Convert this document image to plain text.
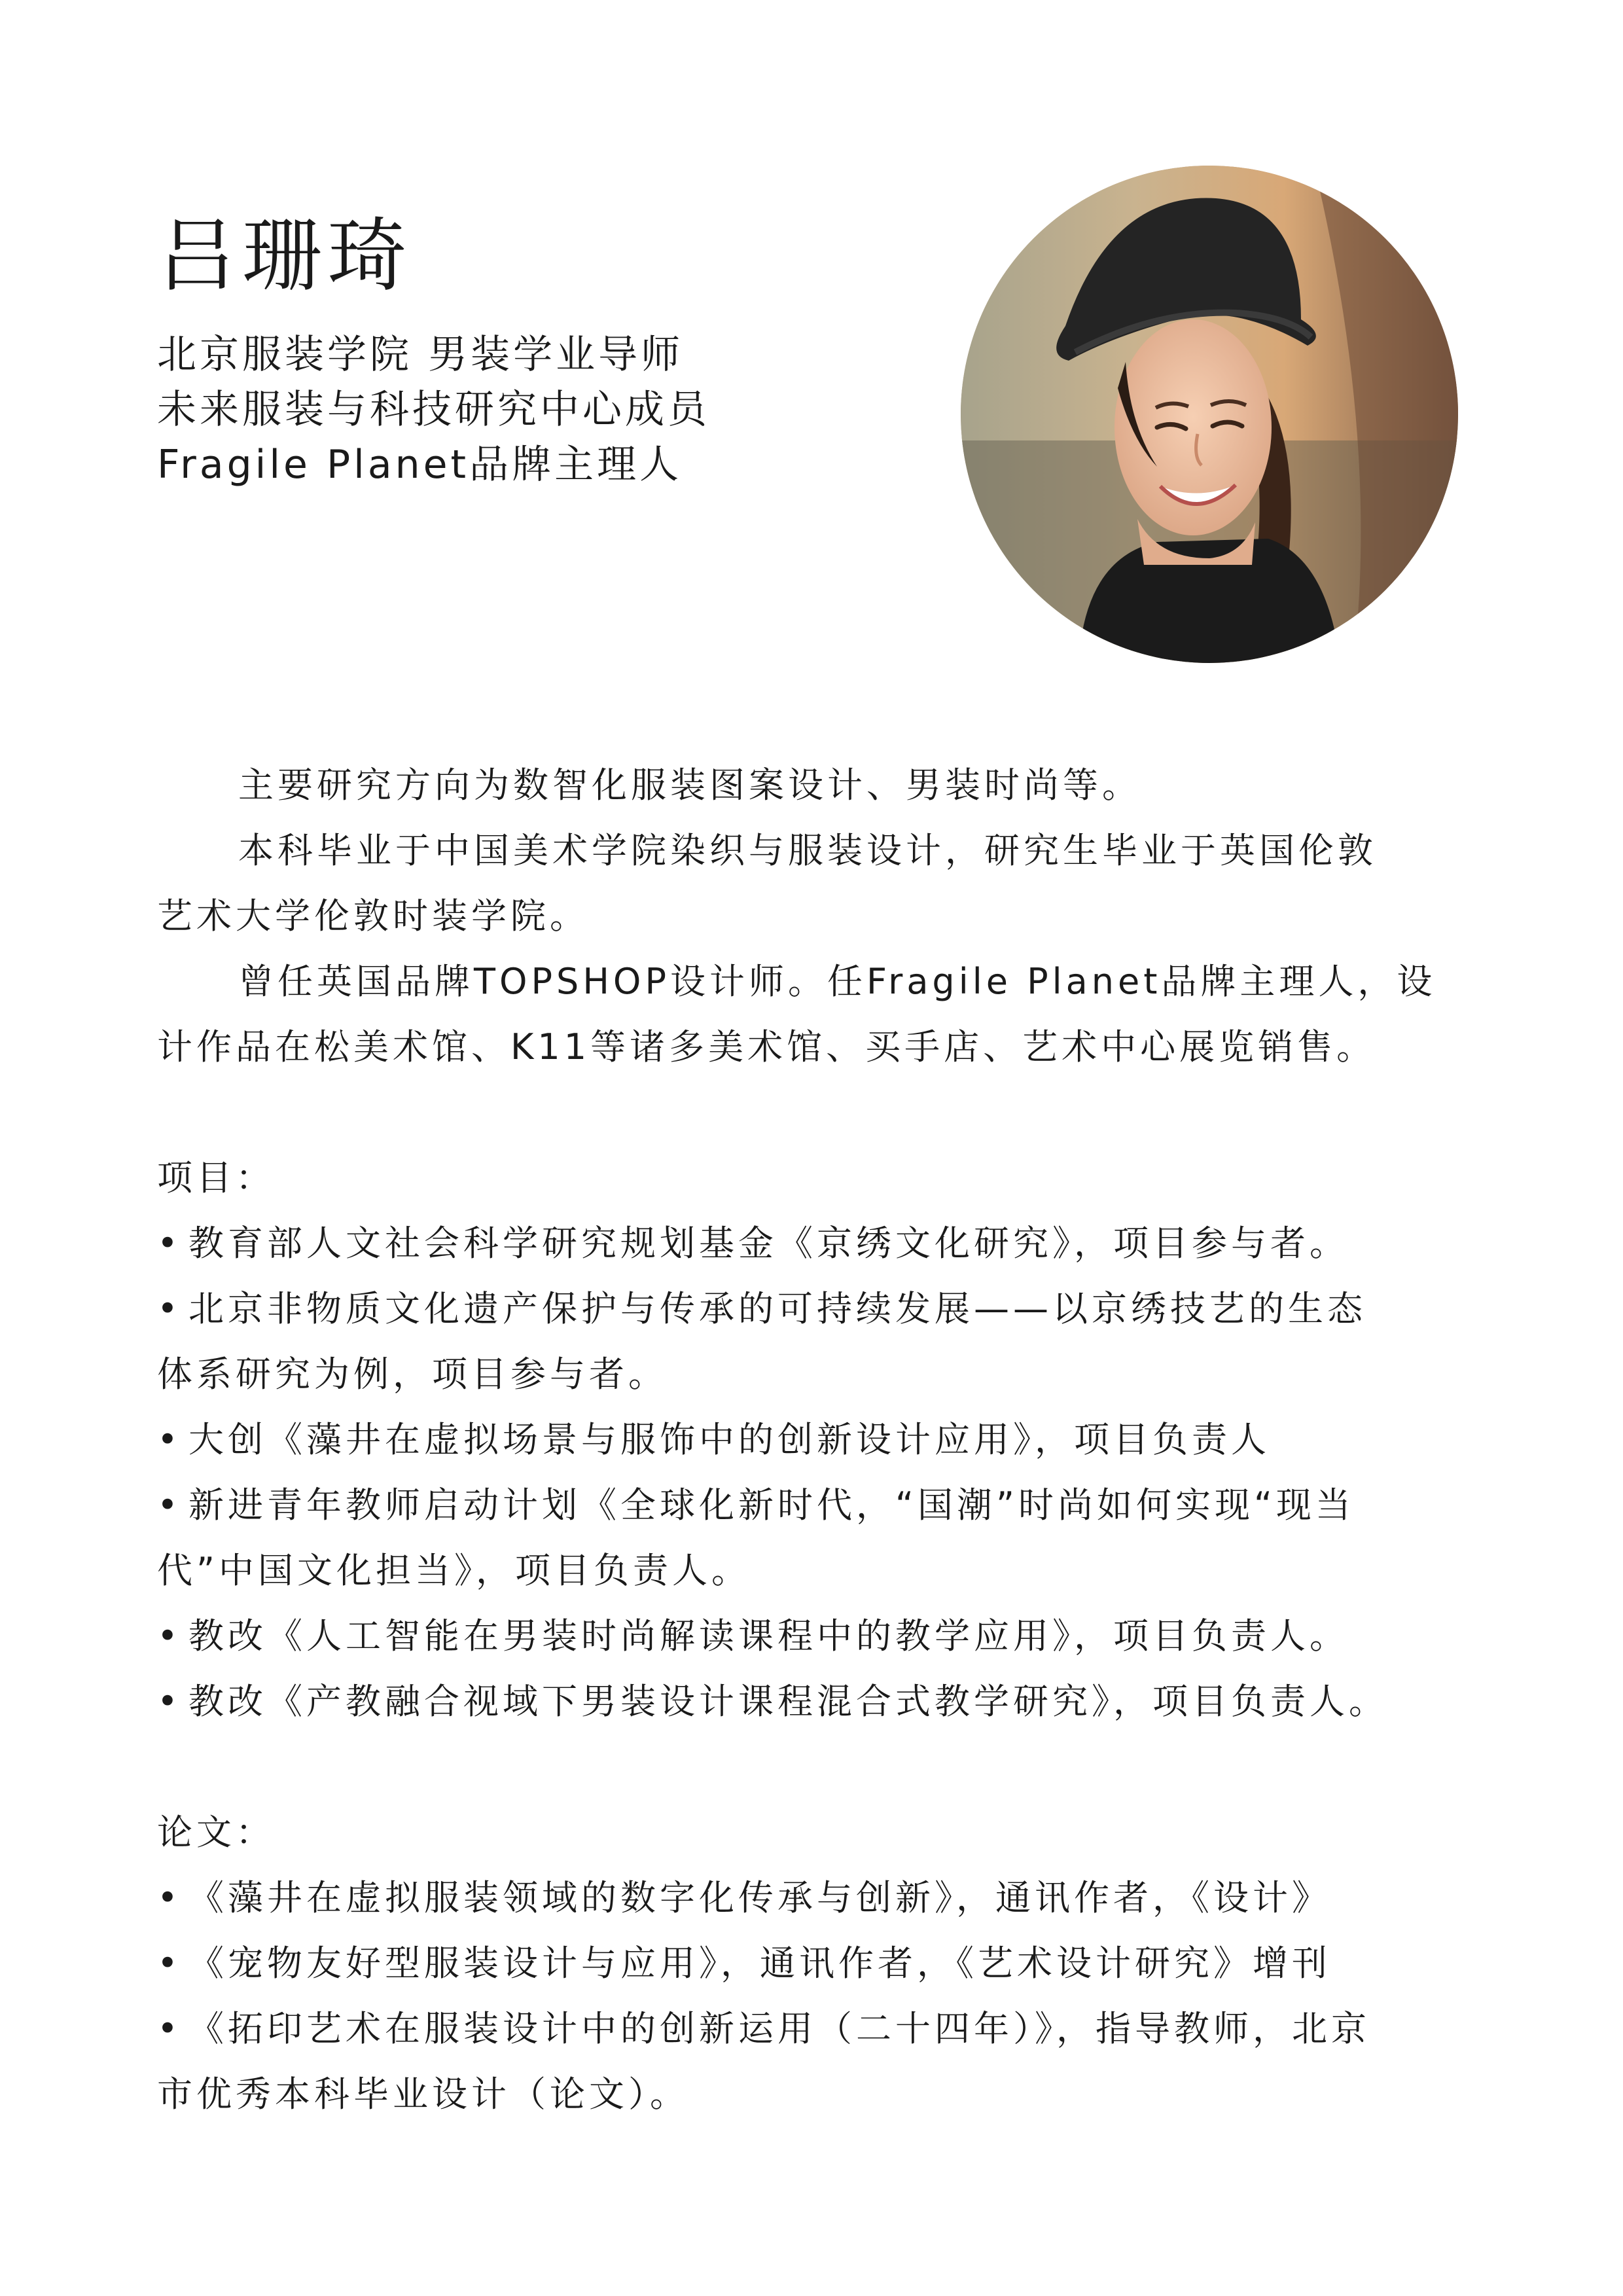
吕珊琦
北京服装学院 男装学业导师
未来服装与科技研究中心成员
Fragile Planet品牌主理人
主要研究方向为数智化服装图案设计、男装时尚等。
本科毕业于中国美术学院染织与服装设计，研究生毕业于英国伦敦
艺术大学伦敦时装学院。
曾任英国品牌TOPSHOP设计师。任Fragile Planet品牌主理人，设
计作品在松美术馆、K11等诸多美术馆、买手店、艺术中心展览销售。
项目：
• 教育部人文社会科学研究规划基金《京绣文化研究》，项目参与者。
• 北京非物质文化遗产保护与传承的可持续发展——以京绣技艺的生态
体系研究为例，项目参与者。
• 大创《藻井在虚拟场景与服饰中的创新设计应用》，项目负责人
• 新进青年教师启动计划《全球化新时代，“国潮”时尚如何实现“现当
代”中国文化担当》，项目负责人。
• 教改《人工智能在男装时尚解读课程中的教学应用》，项目负责人。
• 教改《产教融合视域下男装设计课程混合式教学研究》，项目负责人。
论文：
• 《藻井在虚拟服装领域的数字化传承与创新》，通讯作者，《设计》
• 《宠物友好型服装设计与应用》，通讯作者，《艺术设计研究》增刊
• 《拓印艺术在服装设计中的创新运用（二十四年）》，指导教师，北京
市优秀本科毕业设计（论文）。
